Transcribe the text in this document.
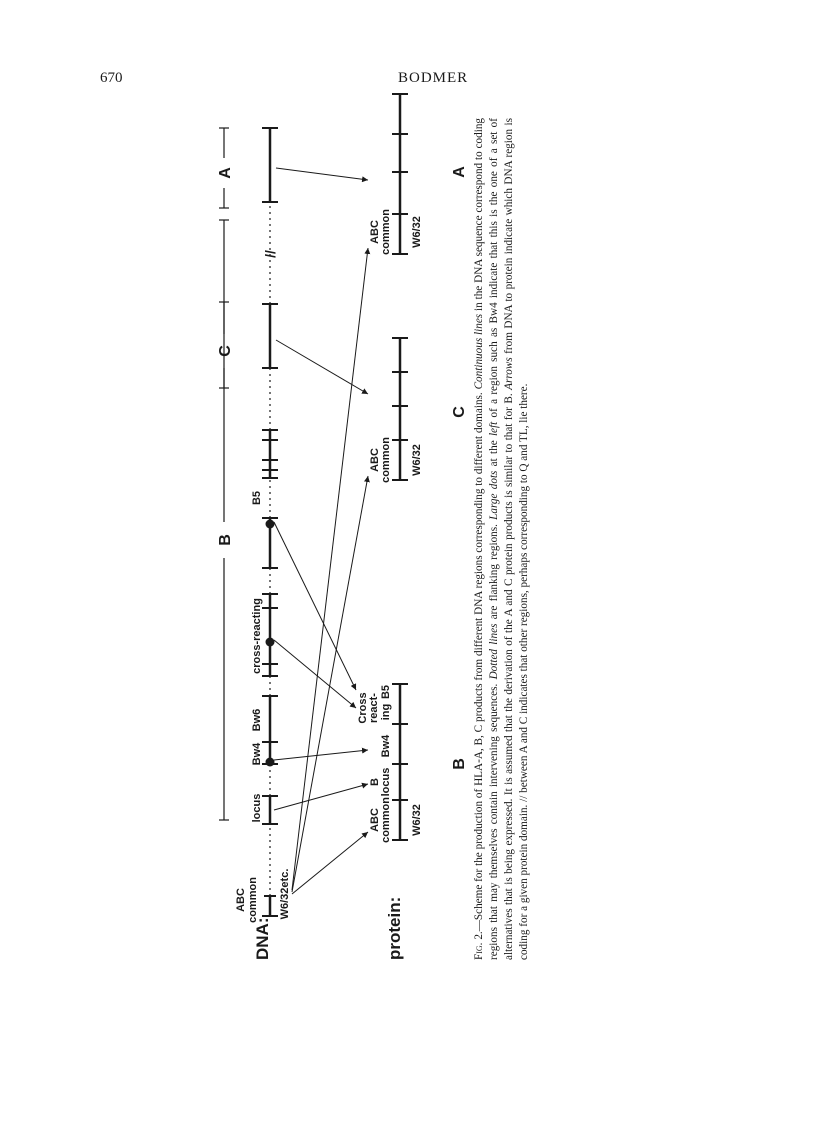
670	BODMER
B
C
A
DNA:
ABC common W6/32etc.
locus
Bw4
Bw6
cross-reacting
B5
//
protein:
ABC common W6/32
B locus
Bw4
Cross react- ing
B5
B
ABC common W6/32
C
ABC common W6/32
A
Fig. 2.—Scheme for the production of HLA-A, B, C products from different DNA regions corresponding to different domains. Continuous lines in the DNA sequence correspond to coding regions that may themselves contain intervening sequences. Dotted lines are flanking regions. Large dots at the left of a region such as Bw4 indicate that this is the one of a set of alternatives that is being expressed. It is assumed that the derivation of the A and C protein products is similar to that for B. Arrows from DNA to protein indicate which DNA region is coding for a given protein domain. // between A and C indicates that other regions, perhaps corresponding to Q and TL, lie there.
